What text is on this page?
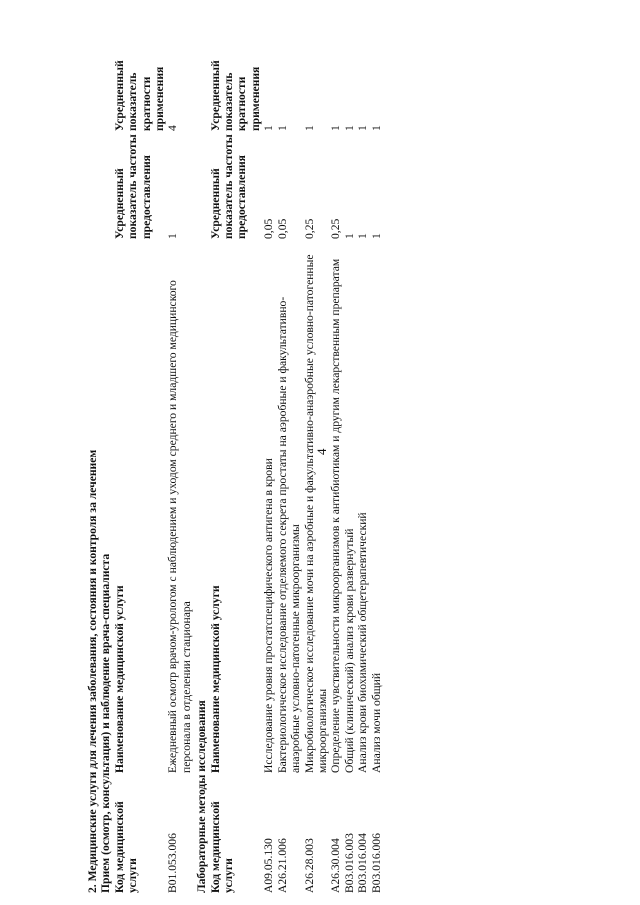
4
2. Медицинские услуги для лечения заболевания, состояния и контроля за лечением Прием (осмотр, консультация) и наблюдение врача-специалиста Код медицинской услуги	Наименование медицинской услуги	Усредненный показатель частоты предоставления	Усредненный показатель кратности применения
B01.053.006	Ежедневный осмотр врачом-урологом с наблюдением и уходом среднего и младшего медицинского персонала в отделении стационара	1	4
Лабораторные методы исследования Код медицинской услуги	Наименование медицинской услуги	Усредненный показатель частоты предоставления	Усредненный показатель кратности применения
A09.05.130	Исследование уровня простатспецифического антигена в крови	0,05	1
A26.21.006	Бактериологическое исследование отделяемого секрета простаты на аэробные и факультативно-анаэробные условно-патогенные микроорганизмы	0,05	1
A26.28.003	Микробиологическое исследование мочи на аэробные и факультативно-анаэробные условно-патогенные микроорганизмы	0,25	1
A26.30.004	Определение чувствительности микроорганизмов к антибиотикам и другим лекарственным препаратам	0,25	1
B03.016.003	Общий (клинический) анализ крови развернутый	1	1
B03.016.004	Анализ крови биохимический общетерапевтический	1	1
B03.016.006	Анализ мочи общий	1	1
